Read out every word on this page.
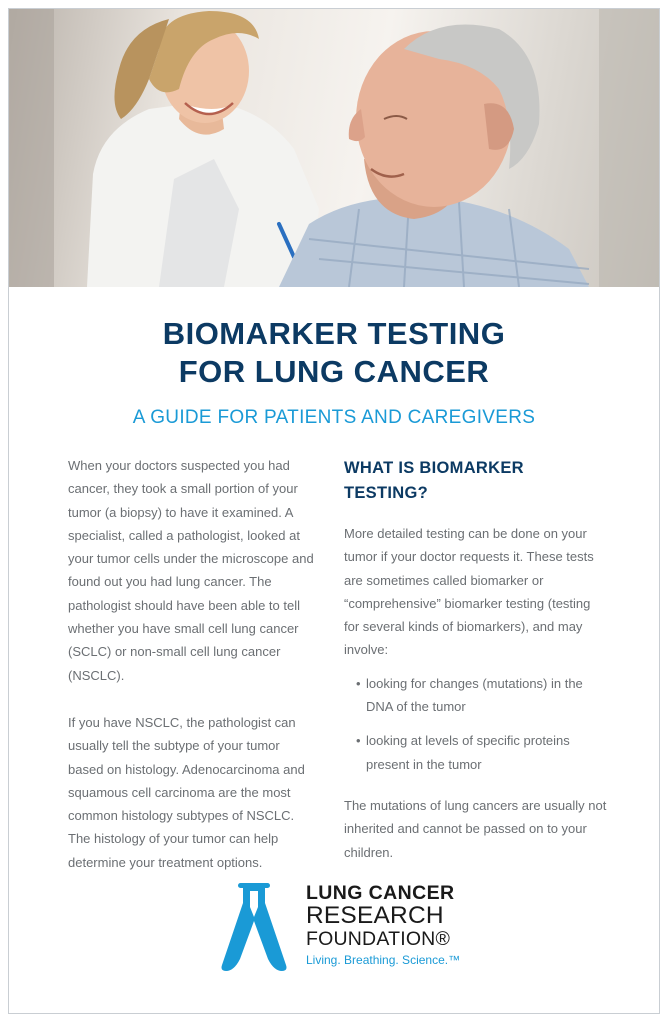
BIOMARKER TESTING
FOR LUNG CANCER
A GUIDE FOR PATIENTS AND CAREGIVERS

When your doctors suspected you had cancer, they took a small portion of your tumor (a biopsy) to have it examined. A specialist, called a pathologist, looked at your tumor cells under the microscope and found out you had lung cancer. The pathologist should have been able to tell whether you have small cell lung cancer (SCLC) or non-small cell lung cancer (NSCLC).

If you have NSCLC, the pathologist can usually tell the subtype of your tumor based on histology. Adenocarcinoma and squamous cell carcinoma are the most common histology subtypes of NSCLC. The histology of your tumor can help determine your treatment options.

WHAT IS BIOMARKER
TESTING?

More detailed testing can be done on your tumor if your doctor requests it. These tests are sometimes called biomarker or “comprehensive” biomarker testing (testing for several kinds of biomarkers), and may involve:

• looking for changes (mutations) in the DNA of the tumor
• looking at levels of specific proteins present in the tumor

The mutations of lung cancers are usually not inherited and cannot be passed on to your children.

LUNG CANCER
RESEARCH
FOUNDATION®
Living. Breathing. Science.™
